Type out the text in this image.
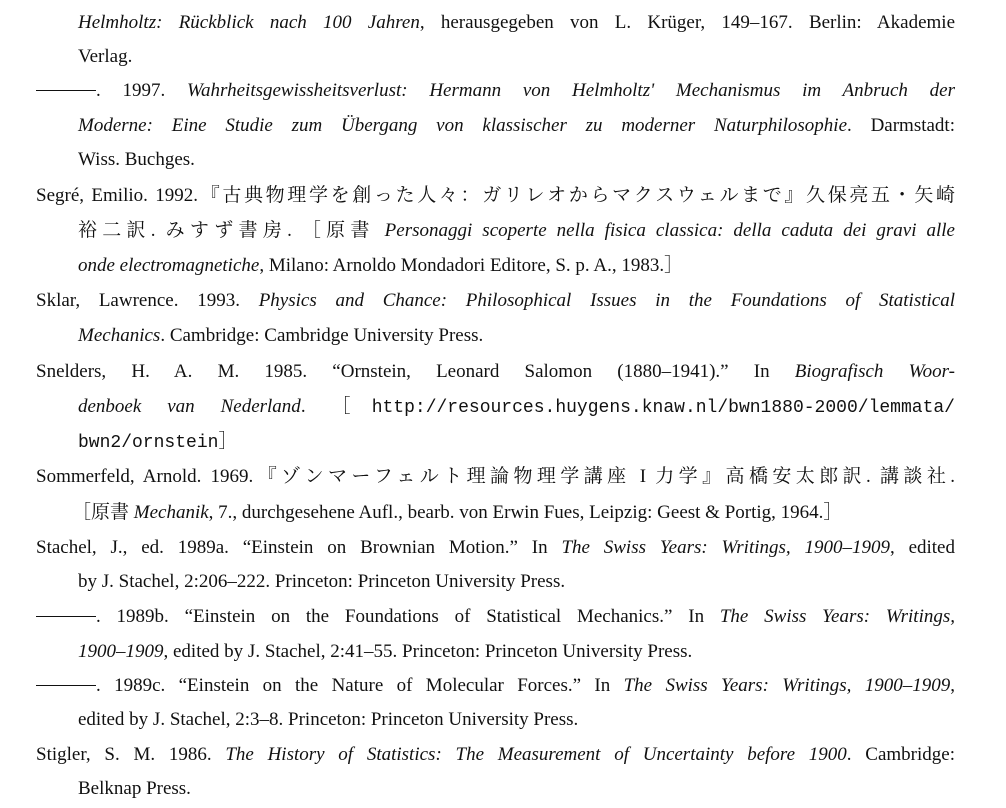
Helmholtz: Rückblick nach 100 Jahren, herausgegeben von L. Krüger, 149–167. Berlin: Akademie
Verlag.
. 1997. Wahrheitsgewissheitsverlust: Hermann von Helmholtz' Mechanismus im Anbruch der
Moderne: Eine Studie zum Übergang von klassischer zu moderner Naturphilosophie. Darmstadt:
Wiss. Buchges.
Segré, Emilio. 1992.『古典物理学を創った人々：ガリレオからマクスウェルまで』久保亮五・矢崎
裕二訳. みすず書房. ［原書 Personaggi scoperte nella fisica classica: della caduta dei gravi alle
onde electromagnetiche, Milano: Arnoldo Mondadori Editore, S. p. A., 1983.］
Sklar, Lawrence. 1993. Physics and Chance: Philosophical Issues in the Foundations of Statistical
Mechanics. Cambridge: Cambridge University Press.
Snelders, H. A. M. 1985. “Ornstein, Leonard Salomon (1880–1941).” In Biografisch Woor-
denboek van Nederland. ［http://resources.huygens.knaw.nl/bwn1880-2000/lemmata/
bwn2/ornstein］
Sommerfeld, Arnold. 1969.『ゾンマーフェルト理論物理学講座 I 力学』高橋安太郎訳. 講談社.
［原書 Mechanik, 7., durchgesehene Aufl., bearb. von Erwin Fues, Leipzig: Geest & Portig, 1964.］
Stachel, J., ed. 1989a. “Einstein on Brownian Motion.” In The Swiss Years: Writings, 1900–1909, edited
by J. Stachel, 2:206–222. Princeton: Princeton University Press.
. 1989b. “Einstein on the Foundations of Statistical Mechanics.” In The Swiss Years: Writings,
1900–1909, edited by J. Stachel, 2:41–55. Princeton: Princeton University Press.
. 1989c. “Einstein on the Nature of Molecular Forces.” In The Swiss Years: Writings, 1900–1909,
edited by J. Stachel, 2:3–8. Princeton: Princeton University Press.
Stigler, S. M. 1986. The History of Statistics: The Measurement of Uncertainty before 1900. Cambridge:
Belknap Press.
